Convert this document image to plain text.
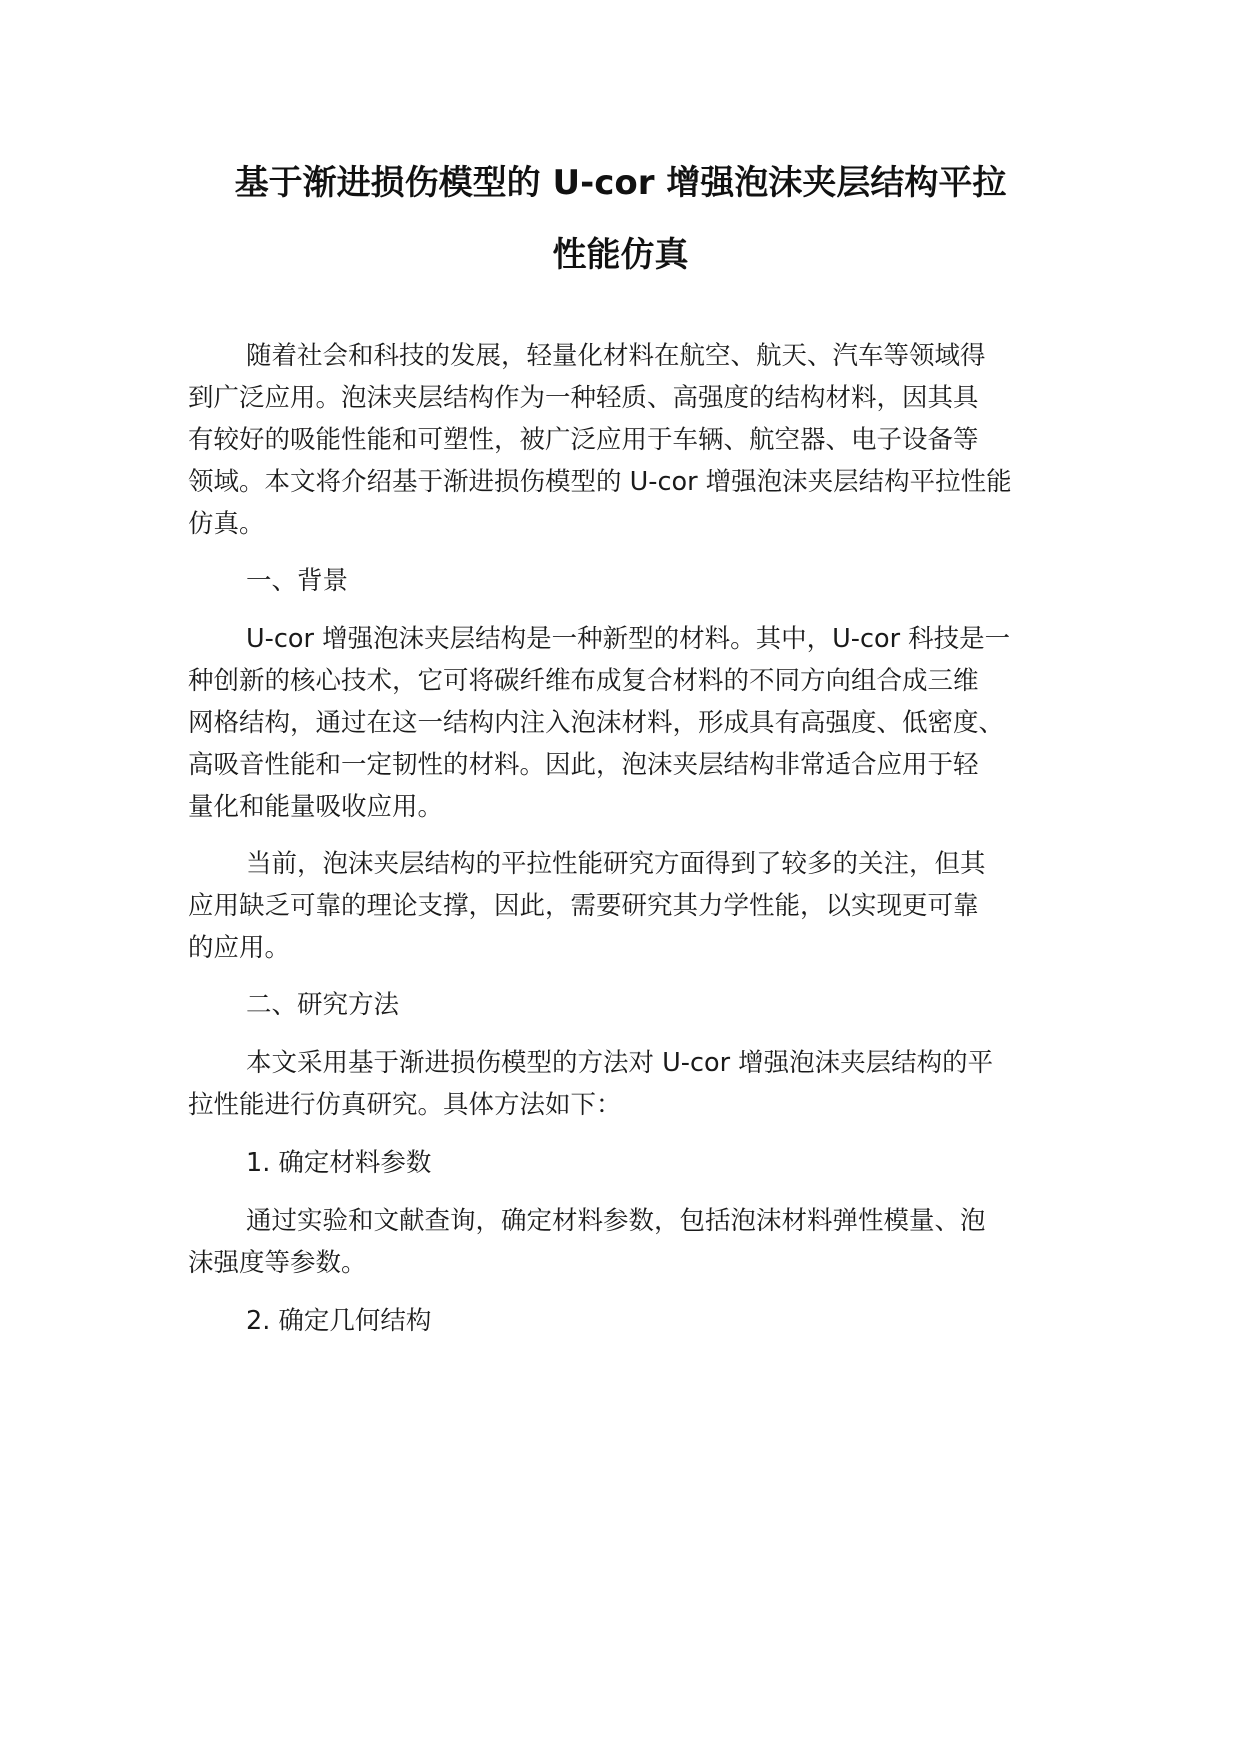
基于渐进损伤模型的 U-cor 增强泡沫夹层结构平拉
性能仿真
随着社会和科技的发展，轻量化材料在航空、航天、汽车等领域得
到广泛应用。泡沫夹层结构作为一种轻质、高强度的结构材料，因其具
有较好的吸能性能和可塑性，被广泛应用于车辆、航空器、电子设备等
领域。本文将介绍基于渐进损伤模型的 U-cor 增强泡沫夹层结构平拉性能
仿真。
一、背景
U-cor 增强泡沫夹层结构是一种新型的材料。其中，U-cor 科技是一
种创新的核心技术，它可将碳纤维布成复合材料的不同方向组合成三维
网格结构，通过在这一结构内注入泡沫材料，形成具有高强度、低密度、
高吸音性能和一定韧性的材料。因此，泡沫夹层结构非常适合应用于轻
量化和能量吸收应用。
当前，泡沫夹层结构的平拉性能研究方面得到了较多的关注，但其
应用缺乏可靠的理论支撑，因此，需要研究其力学性能，以实现更可靠
的应用。
二、研究方法
本文采用基于渐进损伤模型的方法对 U-cor 增强泡沫夹层结构的平
拉性能进行仿真研究。具体方法如下：
1. 确定材料参数
通过实验和文献查询，确定材料参数，包括泡沫材料弹性模量、泡
沫强度等参数。
2. 确定几何结构
